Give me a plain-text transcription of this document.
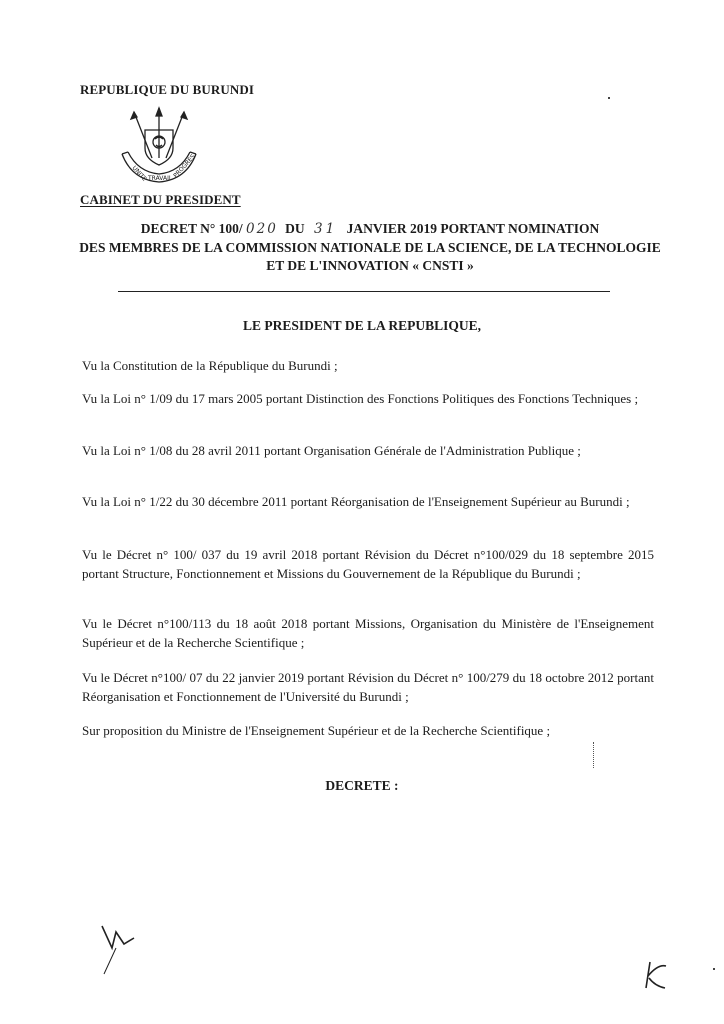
REPUBLIQUE DU BURUNDI
UNITE TRAVAIL PROGRES
CABINET DU PRESIDENT
DECRET N° 100/ 020 DU 31 JANVIER 2019 PORTANT NOMINATION
DES MEMBRES DE LA COMMISSION NATIONALE DE LA SCIENCE, DE LA TECHNOLOGIE
ET DE L'INNOVATION « CNSTI »
LE PRESIDENT DE LA REPUBLIQUE,
Vu la Constitution de la République du Burundi ;
Vu la Loi n° 1/09 du 17 mars 2005 portant Distinction des Fonctions Politiques des Fonctions Techniques ;
Vu la Loi n° 1/08 du 28 avril 2011 portant Organisation Générale de l'Administration Publique ;
Vu la Loi n° 1/22 du 30 décembre 2011 portant Réorganisation de l'Enseignement Supérieur au Burundi ;
Vu le Décret n° 100/ 037 du 19 avril 2018 portant Révision du Décret n°100/029 du 18 septembre 2015 portant Structure, Fonctionnement et Missions du Gouvernement de la République du Burundi ;
Vu le Décret n°100/113 du 18 août 2018 portant Missions, Organisation du Ministère de l'Enseignement Supérieur et de la Recherche Scientifique ;
Vu le Décret n°100/ 07 du 22 janvier 2019 portant Révision du Décret n° 100/279 du 18 octobre 2012 portant Réorganisation et Fonctionnement de l'Université du Burundi ;
Sur proposition du Ministre de l'Enseignement Supérieur et de la Recherche Scientifique ;
DECRETE :
